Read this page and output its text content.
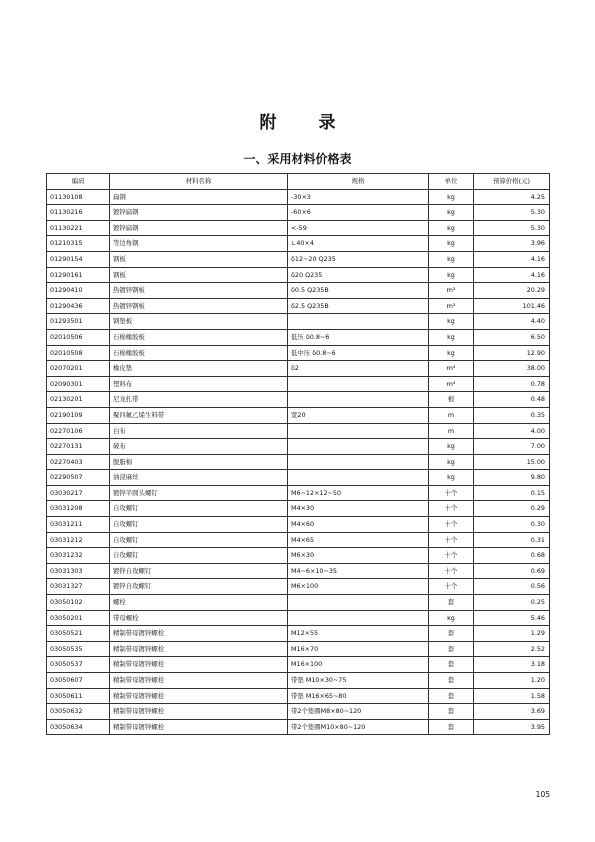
附 录
一、采用材料价格表
编码	材料名称	规格	单位	预算价格(元)
01130108	扁钢	-30×3	kg	4.25
01130216	镀锌扁钢	-60×6	kg	5.30
01130221	镀锌扁钢	<-59	kg	5.30
01210315	等边角钢	∟40×4	kg	3.96
01290154	钢板	δ12~20 Q235	kg	4.16
01290161	钢板	δ20 Q235	kg	4.16
01290410	热镀锌钢板	δ0.5 Q235B	m²	20.29
01290436	热镀锌钢板	δ2.5 Q235B	m²	101.46
01293501	钢垫板		kg	4.40
02010506	石棉橡胶板	低压 δ0.8~6	kg	6.50
02010508	石棉橡胶板	低中压 δ0.8~6	kg	12.90
02070201	橡皮垫	δ2	m²	38.00
02090301	塑料布		m²	0.78
02130201	尼龙扎带		根	0.48
02190109	聚四氟乙烯生料带	宽20	m	0.35
02270106	白布		m	4.00
02270131	破布		kg	7.00
02270403	脱脂棉		kg	15.00
02290507	油浸麻丝		kg	9.80
03030217	镀锌半圆头螺钉	M6~12×12~50	十个	0.15
03031208	自攻螺钉	M4×30	十个	0.29
03031211	自攻螺钉	M4×60	十个	0.30
03031212	自攻螺钉	M4×65	十个	0.31
03031232	自攻螺钉	M6×30	十个	0.68
03031303	镀锌自攻螺钉	M4~6×10~35	十个	0.69
03031327	镀锌自攻螺钉	M6×100	十个	0.56
03050102	螺栓		套	0.25
03050201	带母螺栓		kg	5.46
03050521	精制带母镀锌螺栓	M12×55	套	1.29
03050535	精制带母镀锌螺栓	M16×70	套	2.52
03050537	精制带母镀锌螺栓	M16×100	套	3.18
03050607	精制带母镀锌螺栓	带垫 M10×30~75	套	1.20
03050611	精制带母镀锌螺栓	带垫 M16×65~80	套	1.58
03050632	精制带母镀锌螺栓	带2个垫圈M8×80~120	套	3.69
03050634	精制带母镀锌螺栓	带2个垫圈M10×80~120	套	3.95
105
